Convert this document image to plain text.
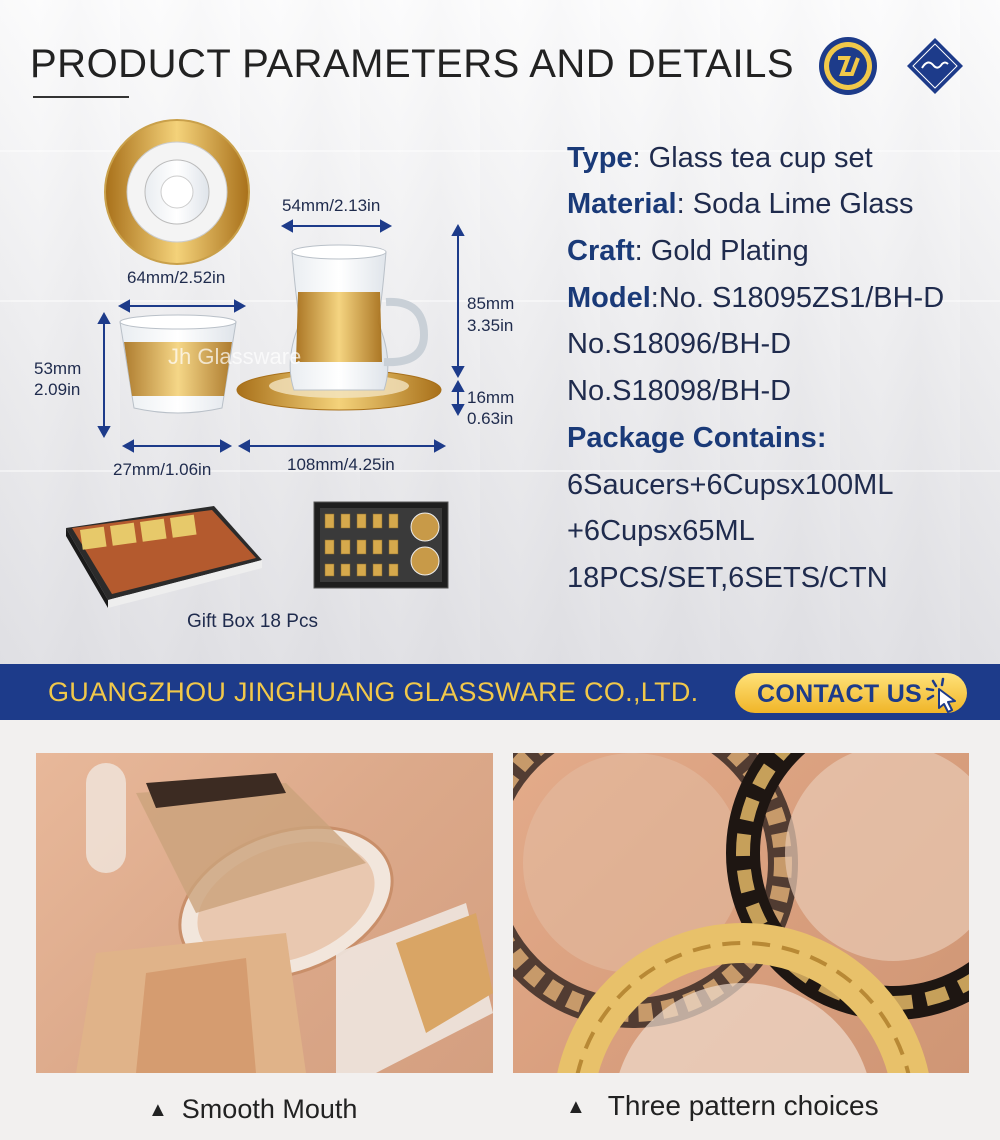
PRODUCT PARAMETERS AND DETAILS
54mm/2.13in
64mm/2.52in
85mm
3.35in
16mm
0.63in
53mm
2.09in
27mm/1.06in	108mm/4.25in
Jh Glassware
Gift Box 18 Pcs
Type: Glass tea cup set
Material: Soda Lime Glass
Craft: Gold Plating
Model:No. S18095ZS1/BH-D
No.S18096/BH-D
No.S18098/BH-D
Package Contains:
6Saucers+6Cupsx100ML
+6Cupsx65ML
18PCS/SET,6SETS/CTN
GUANGZHOU JINGHUANG GLASSWARE CO.,LTD. CONTACT US
▲ Smooth Mouth	▲ Three pattern choices
